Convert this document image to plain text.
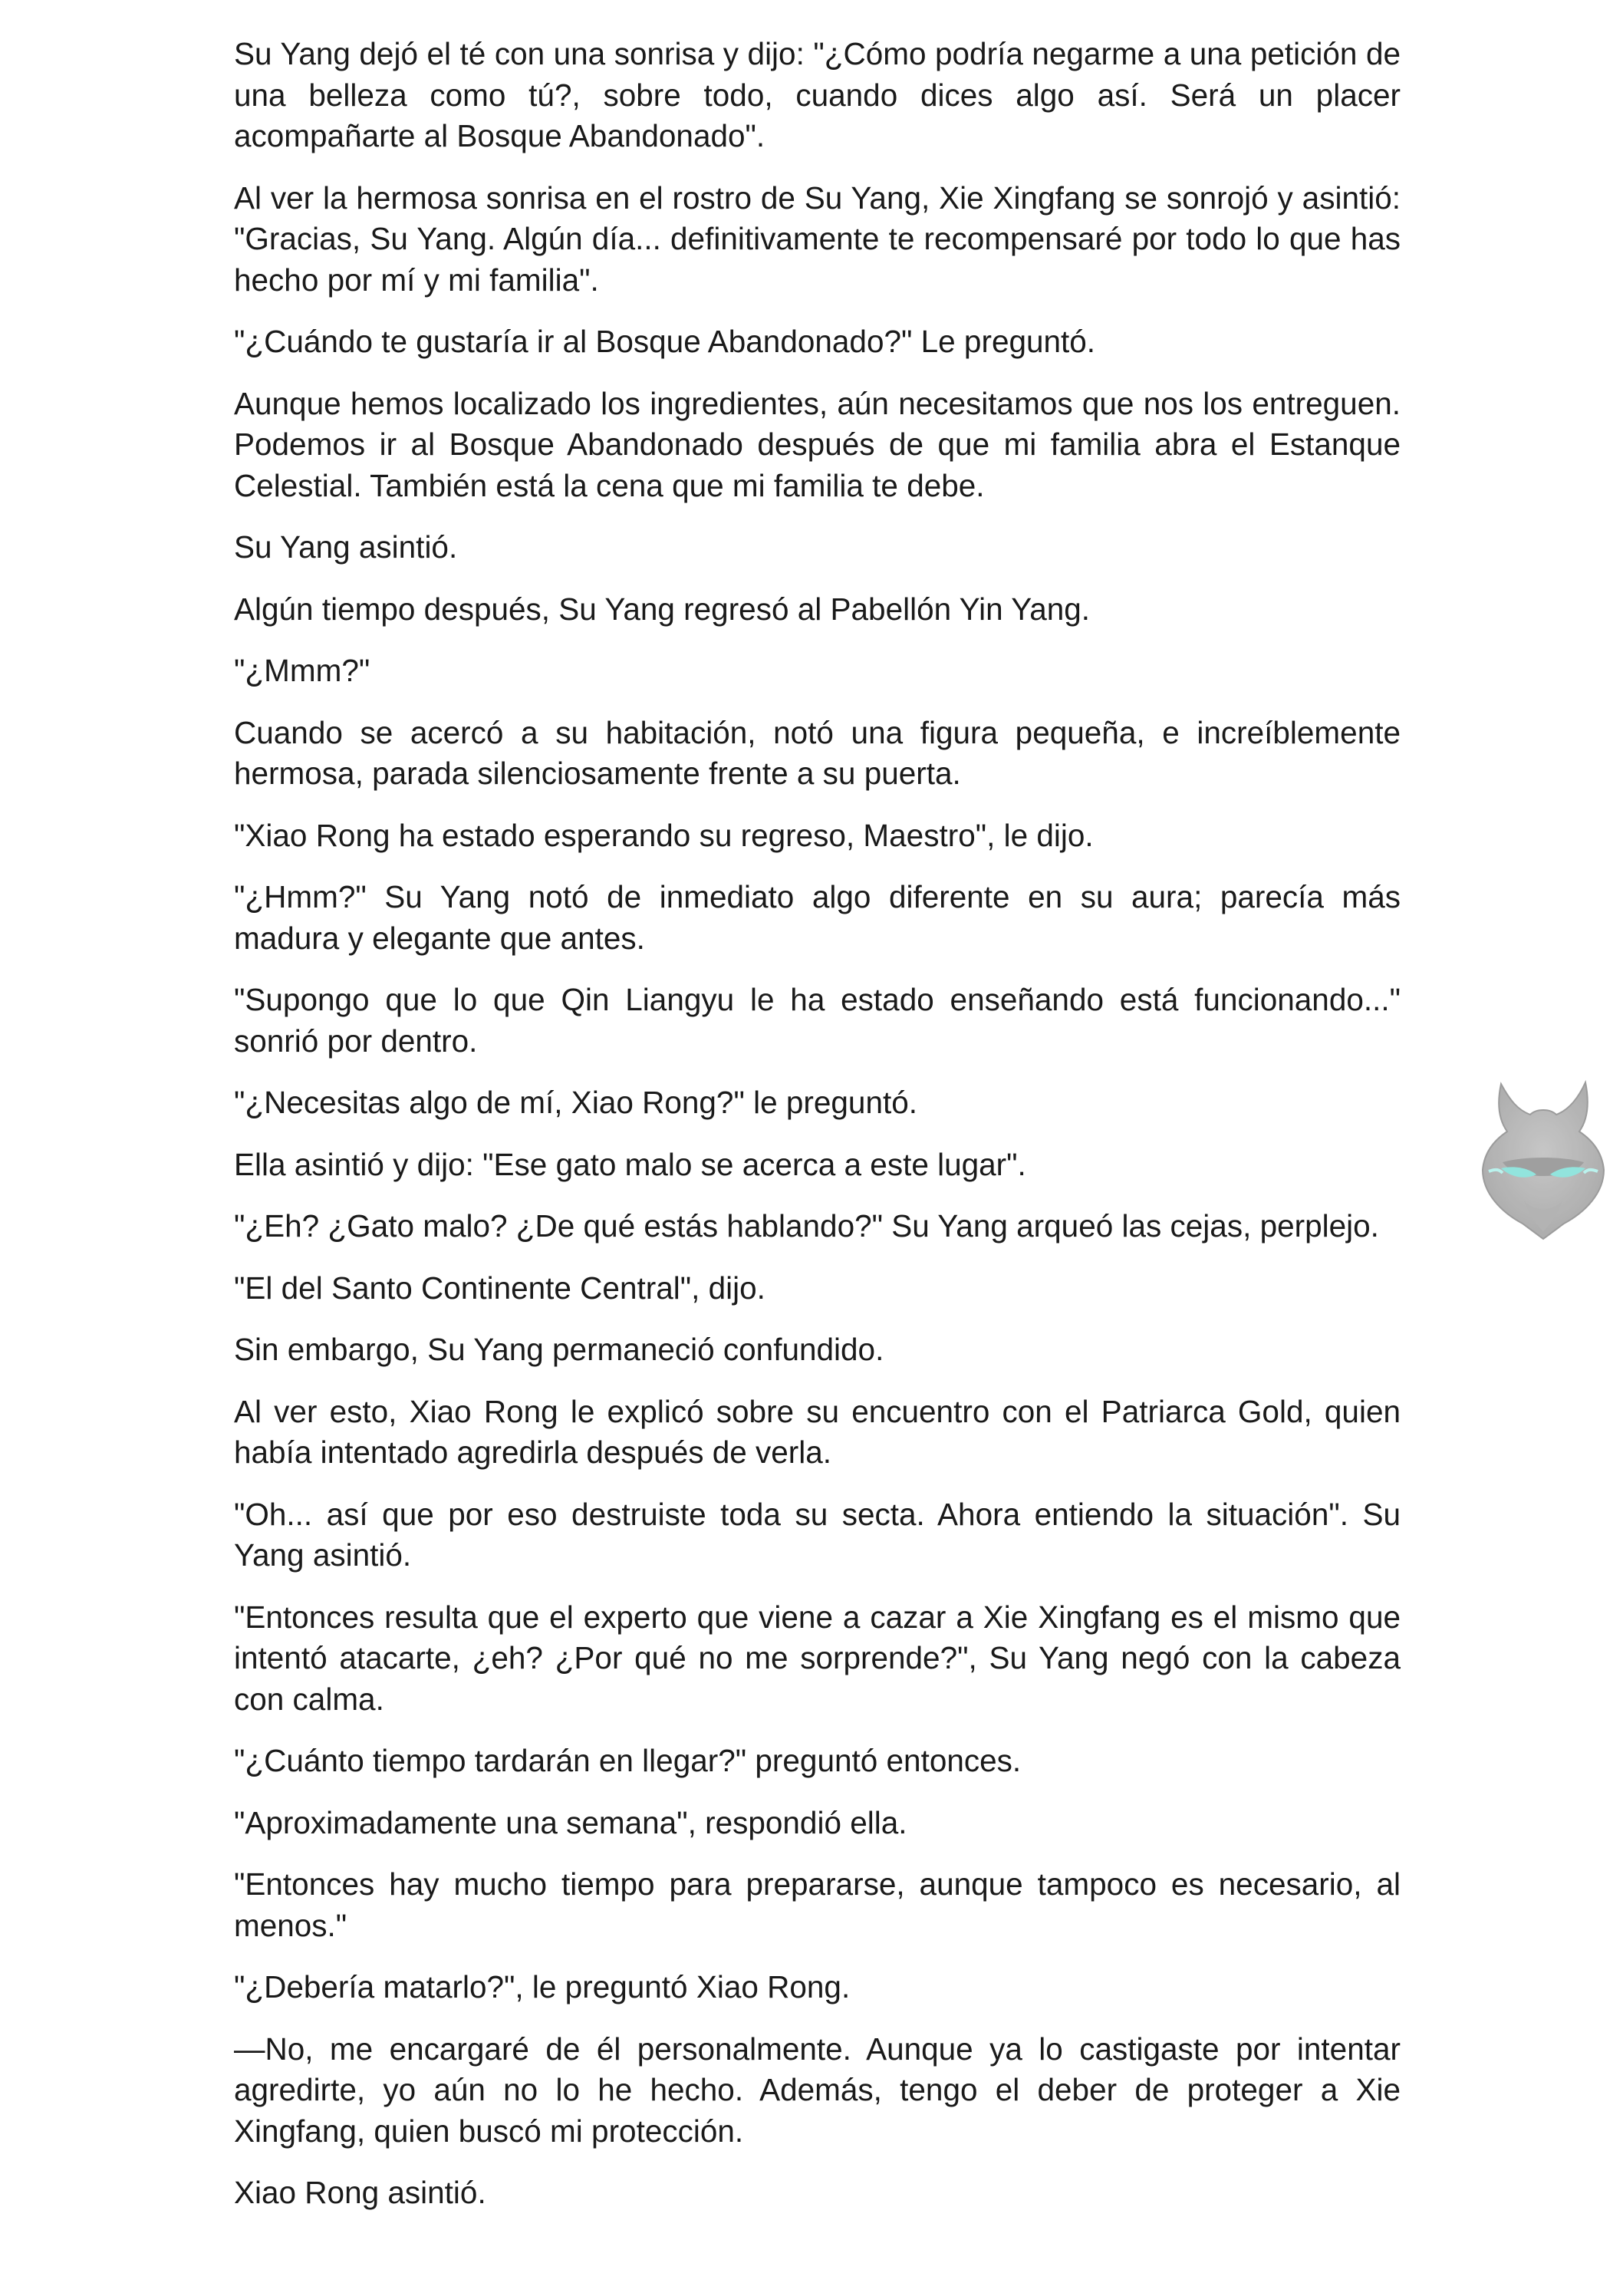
Su Yang dejó el té con una sonrisa y dijo: "¿Cómo podría negarme a una petición de una belleza como tú?, sobre todo, cuando dices algo así. Será un placer acompañarte al Bosque Abandonado".

Al ver la hermosa sonrisa en el rostro de Su Yang, Xie Xingfang se sonrojó y asintió: "Gracias, Su Yang. Algún día... definitivamente te recompensaré por todo lo que has hecho por mí y mi familia".

"¿Cuándo te gustaría ir al Bosque Abandonado?" Le preguntó.

Aunque hemos localizado los ingredientes, aún necesitamos que nos los entreguen. Podemos ir al Bosque Abandonado después de que mi familia abra el Estanque Celestial. También está la cena que mi familia te debe.

Su Yang asintió.

Algún tiempo después, Su Yang regresó al Pabellón Yin Yang.

"¿Mmm?"

Cuando se acercó a su habitación, notó una figura pequeña, e increíblemente hermosa, parada silenciosamente frente a su puerta.

"Xiao Rong ha estado esperando su regreso, Maestro", le dijo.

"¿Hmm?" Su Yang notó de inmediato algo diferente en su aura; parecía más madura y elegante que antes.

"Supongo que lo que Qin Liangyu le ha estado enseñando está funcionando..." sonrió por dentro.

"¿Necesitas algo de mí, Xiao Rong?" le preguntó.

Ella asintió y dijo: "Ese gato malo se acerca a este lugar".

"¿Eh? ¿Gato malo? ¿De qué estás hablando?" Su Yang arqueó las cejas, perplejo.

"El del Santo Continente Central", dijo.

Sin embargo, Su Yang permaneció confundido.

Al ver esto, Xiao Rong le explicó sobre su encuentro con el Patriarca Gold, quien había intentado agredirla después de verla.

"Oh... así que por eso destruiste toda su secta. Ahora entiendo la situación". Su Yang asintió.

"Entonces resulta que el experto que viene a cazar a Xie Xingfang es el mismo que intentó atacarte, ¿eh? ¿Por qué no me sorprende?", Su Yang negó con la cabeza con calma.

"¿Cuánto tiempo tardarán en llegar?" preguntó entonces.

"Aproximadamente una semana", respondió ella.

"Entonces hay mucho tiempo para prepararse, aunque tampoco es necesario, al menos."

"¿Debería matarlo?", le preguntó Xiao Rong.

—No, me encargaré de él personalmente. Aunque ya lo castigaste por intentar agredirte, yo aún no lo he hecho. Además, tengo el deber de proteger a Xie Xingfang, quien buscó mi protección.

Xiao Rong asintió.
